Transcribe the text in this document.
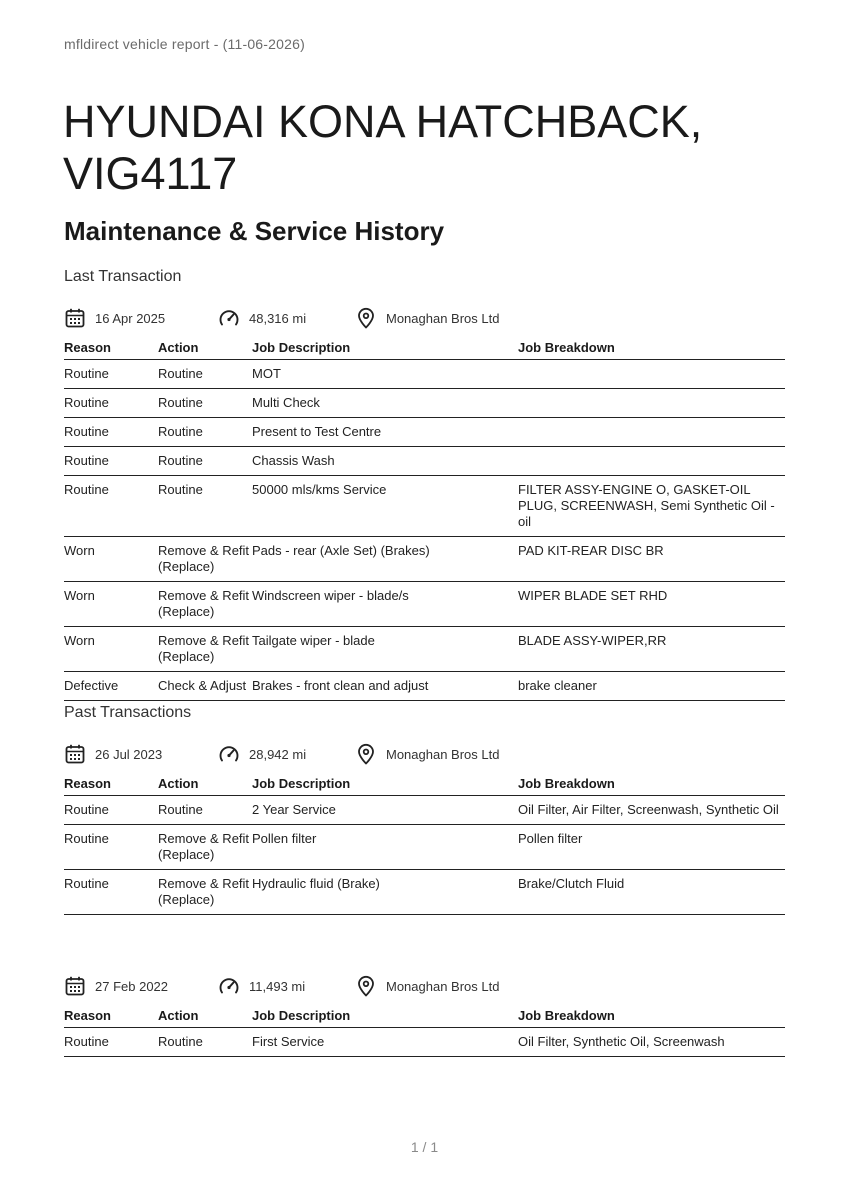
mfldirect vehicle report - (11-06-2026)
HYUNDAI KONA HATCHBACK,
VIG4117
Maintenance & Service History
Last Transaction
16 Apr 2025	48,316 mi	Monaghan Bros Ltd
Reason	Action	Job Description	Job Breakdown
Routine	Routine	MOT	
Routine	Routine	Multi Check	
Routine	Routine	Present to Test Centre	
Routine	Routine	Chassis Wash	
Routine	Routine	50000 mls/kms Service	FILTER ASSY-ENGINE O, GASKET-OIL PLUG, SCREENWASH, Semi Synthetic Oil - oil
Worn	Remove & Refit (Replace)	Pads - rear (Axle Set) (Brakes)	PAD KIT-REAR DISC BR
Worn	Remove & Refit (Replace)	Windscreen wiper - blade/s	WIPER BLADE SET RHD
Worn	Remove & Refit (Replace)	Tailgate wiper - blade	BLADE ASSY-WIPER,RR
Defective	Check & Adjust	Brakes - front clean and adjust	brake cleaner
Past Transactions
26 Jul 2023	28,942 mi	Monaghan Bros Ltd
Reason	Action	Job Description	Job Breakdown
Routine	Routine	2 Year Service	Oil Filter, Air Filter, Screenwash, Synthetic Oil
Routine	Remove & Refit (Replace)	Pollen filter	Pollen filter
Routine	Remove & Refit (Replace)	Hydraulic fluid (Brake)	Brake/Clutch Fluid
27 Feb 2022	11,493 mi	Monaghan Bros Ltd
Reason	Action	Job Description	Job Breakdown
Routine	Routine	First Service	Oil Filter, Synthetic Oil, Screenwash
1 / 1
